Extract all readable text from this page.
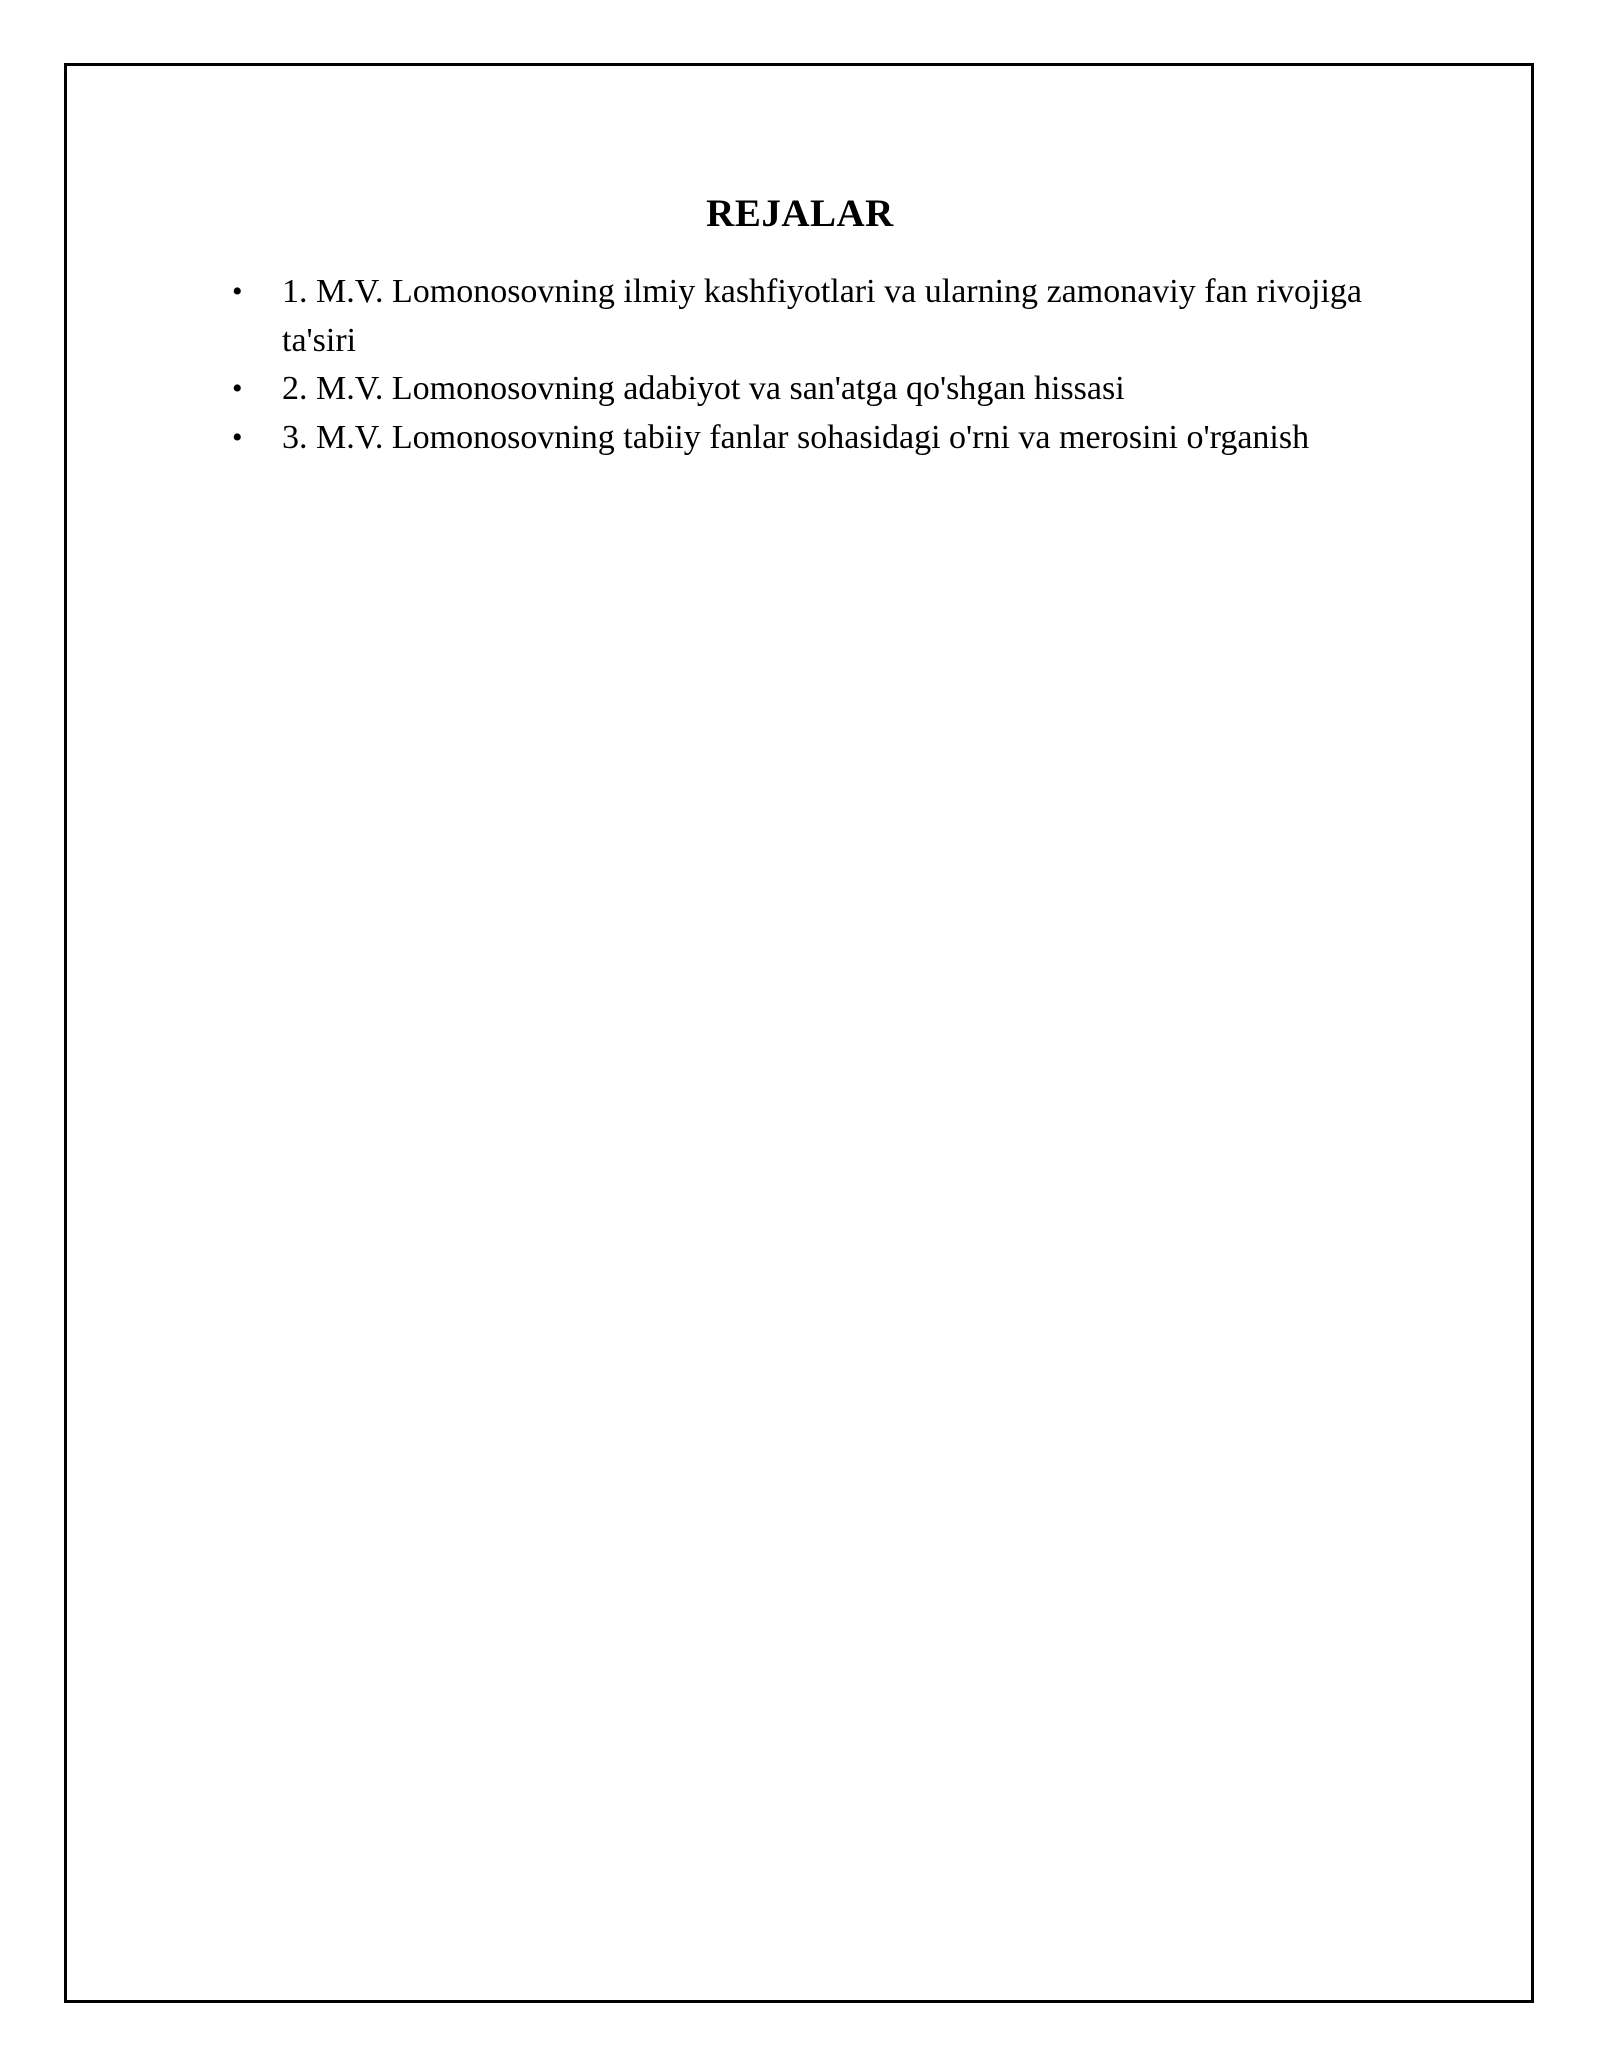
REJALAR
•	1. M.V. Lomonosovning ilmiy kashfiyotlari va ularning zamonaviy fan rivojiga ta'siri
•	2. M.V. Lomonosovning adabiyot va san'atga qo'shgan hissasi
•	3. M.V. Lomonosovning tabiiy fanlar sohasidagi o'rni va merosini o'rganish
